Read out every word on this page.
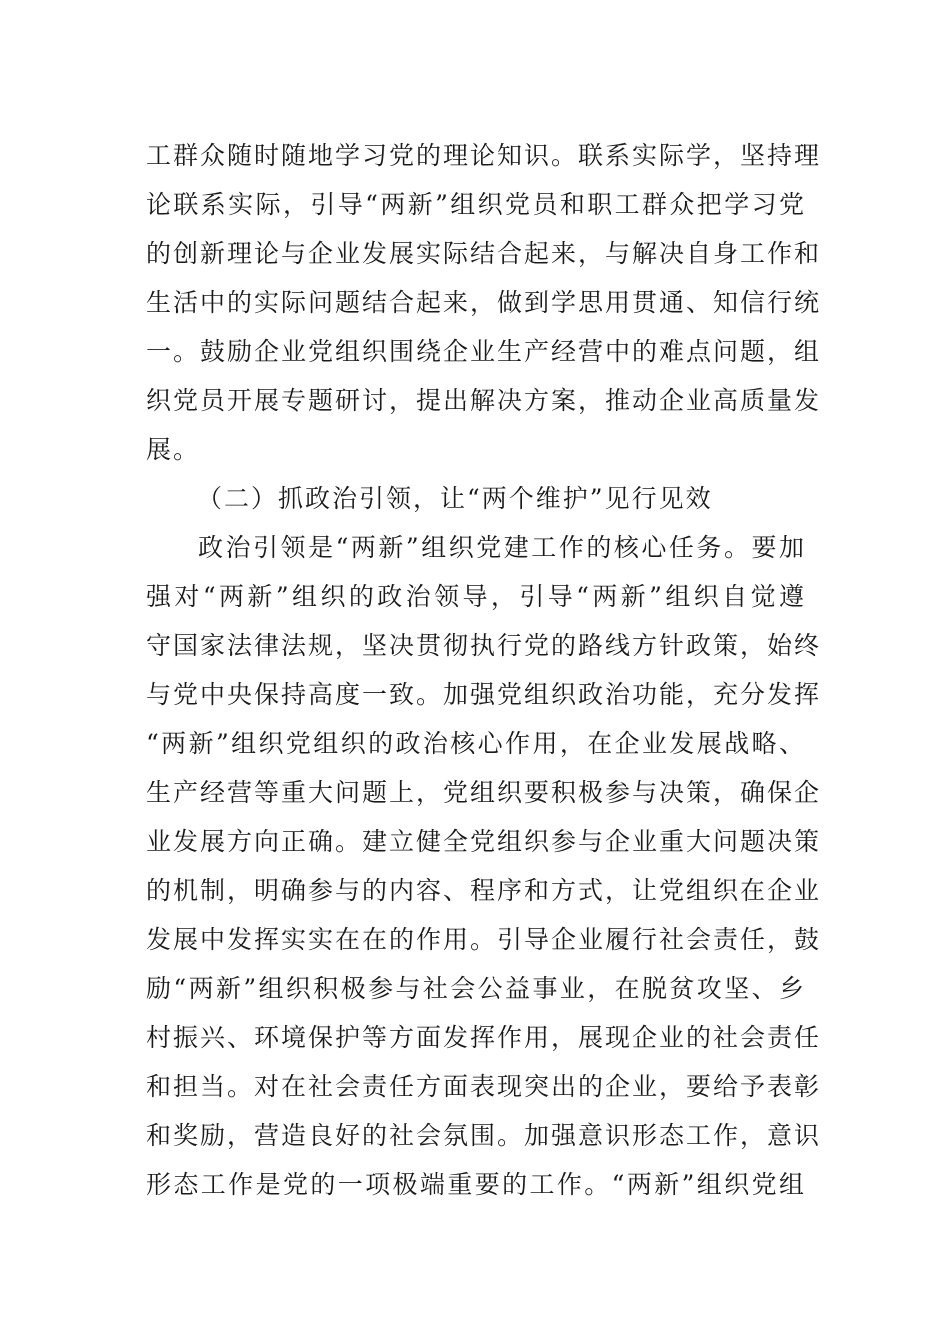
工群众随时随地学习党的理论知识。联系实际学，坚持理
论联系实际，引导“两新”组织党员和职工群众把学习党
的创新理论与企业发展实际结合起来，与解决自身工作和
生活中的实际问题结合起来，做到学思用贯通、知信行统
一。鼓励企业党组织围绕企业生产经营中的难点问题，组
织党员开展专题研讨，提出解决方案，推动企业高质量发
展。
（二）抓政治引领，让“两个维护”见行见效
政治引领是“两新”组织党建工作的核心任务。要加
强对“两新”组织的政治领导，引导“两新”组织自觉遵
守国家法律法规，坚决贯彻执行党的路线方针政策，始终
与党中央保持高度一致。加强党组织政治功能，充分发挥
“两新”组织党组织的政治核心作用，在企业发展战略、
生产经营等重大问题上，党组织要积极参与决策，确保企
业发展方向正确。建立健全党组织参与企业重大问题决策
的机制，明确参与的内容、程序和方式，让党组织在企业
发展中发挥实实在在的作用。引导企业履行社会责任，鼓
励“两新”组织积极参与社会公益事业，在脱贫攻坚、乡
村振兴、环境保护等方面发挥作用，展现企业的社会责任
和担当。对在社会责任方面表现突出的企业，要给予表彰
和奖励，营造良好的社会氛围。加强意识形态工作，意识
形态工作是党的一项极端重要的工作。“两新”组织党组
